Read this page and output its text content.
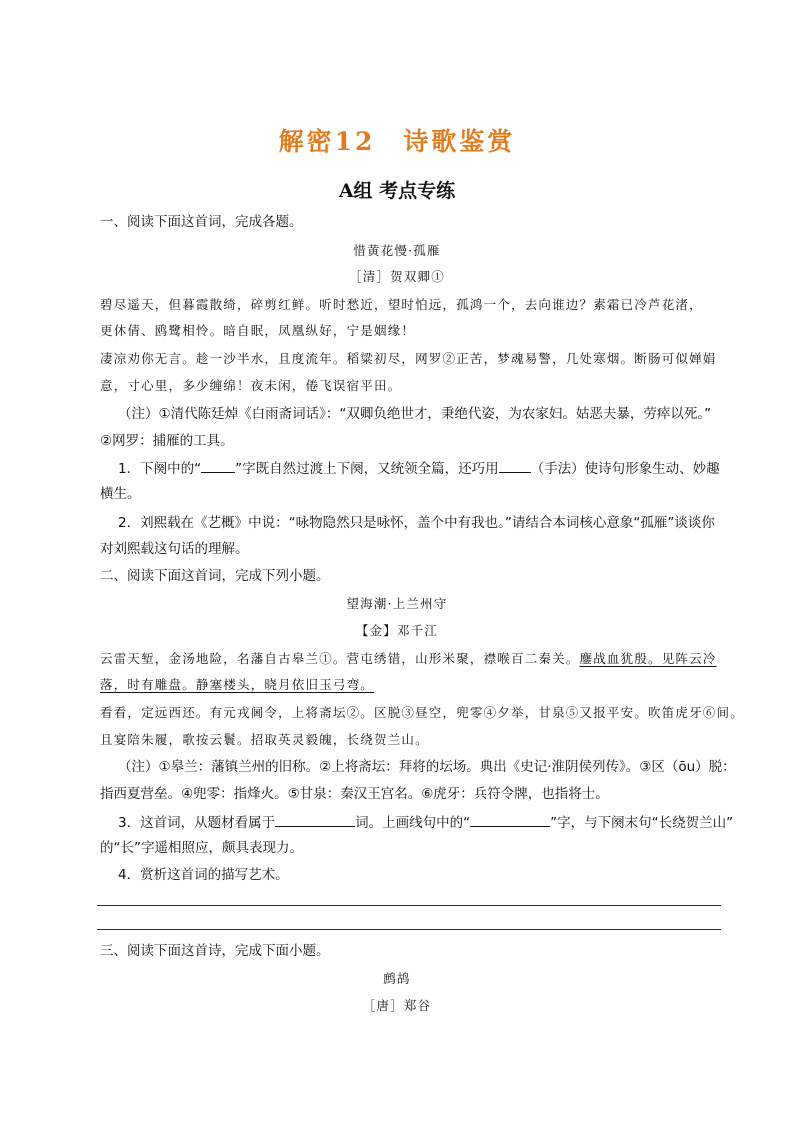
解密12　诗歌鉴赏
A组 考点专练
一、阅读下面这首词，完成各题。
惜黄花慢·孤雁
［清］贺双卿①
碧尽遥天，但暮霞散绮，碎剪红鲜。听时愁近，望时怕远，孤鸿一个，去向谁边？素霜已冷芦花渚，
更休倩、鸥鹭相怜。暗自眠，凤凰纵好，宁是姻缘！
凄凉劝你无言。趁一沙半水，且度流年。稻粱初尽，网罗②正苦，梦魂易警，几处寒烟。断肠可似婵娟
意，寸心里，多少缠绵！夜未闲，倦飞误宿平田。
（注）①清代陈廷焯《白雨斋词话》：“双卿负绝世才，秉绝代姿，为农家妇。姑恶夫暴，劳瘁以死。”
②网罗：捕雁的工具。
1．下阕中的“	”字既自然过渡上下阕，又统领全篇，还巧用 （手法）使诗句形象生动、妙趣
横生。
2．刘熙载在《艺概》中说：“咏物隐然只是咏怀，盖个中有我也。”请结合本词核心意象“孤雁”谈谈你
对刘熙载这句话的理解。
二、阅读下面这首词，完成下列小题。
望海潮·上兰州守
【金】邓千江
云雷天堑，金汤地险，名藩自古皋兰①。营屯绣错，山形米聚，襟喉百二秦关。鏖战血犹殷。见阵云冷
落，时有雕盘。静塞楼头，晓月依旧玉弓弯。
看看，定远西还。有元戎阃令，上将斋坛②。区脱③昼空，兜零④夕举，甘泉⑤又报平安。吹笛虎牙⑥间。
且宴陪朱履，歌按云鬟。招取英灵毅魄，长绕贺兰山。
（注）①皋兰：藩镇兰州的旧称。②上将斋坛：拜将的坛场。典出《史记·淮阴侯列传》。③区（ōu）脱：
指西夏营垒。④兜零：指烽火。⑤甘泉：秦汉王宫名。⑥虎牙：兵符令牌，也指将士。
3．这首词，从题材看属于	词。上画线句中的“	”字，与下阕末句“长绕贺兰山”
的“长”字遥相照应，颇具表现力。
4．赏析这首词的描写艺术。
三、阅读下面这首诗，完成下面小题。
鹧鸪
［唐］郑谷
